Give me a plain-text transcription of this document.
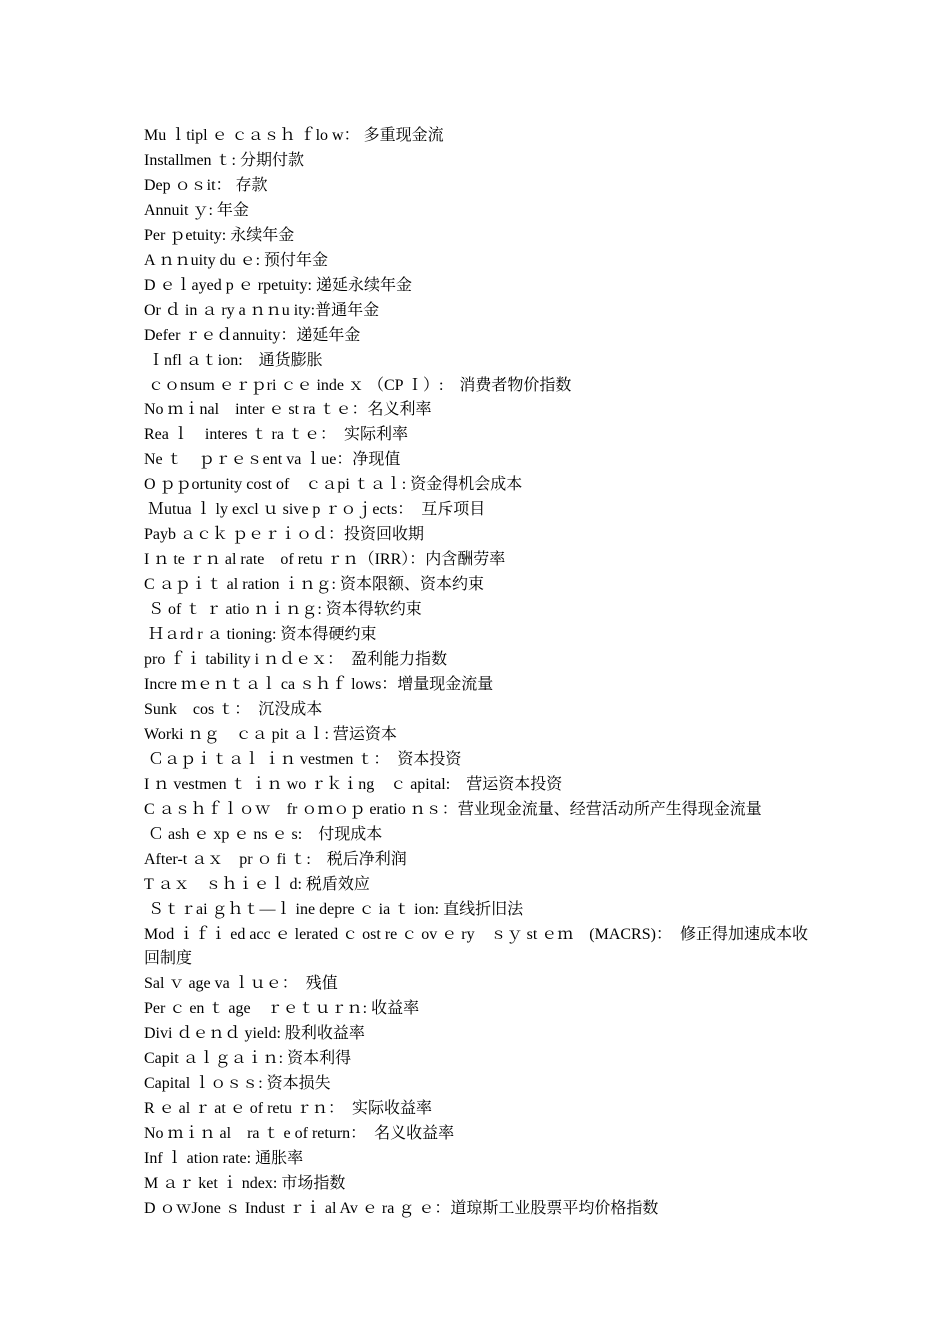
Mu ｌtipl ｅ ｃａｓｈ ｆlo w： 多重现金流
Installmen ｔ: 分期付款
Dep ｏｓit： 存款
Annuit ｙ: 年金
Per ｐetuity: 永续年金
A ｎｎuity du ｅ: 预付年金
D ｅｌayed p ｅ rpetuity: 递延永续年金
Or ｄ in ａ ry a ｎｎu ity:普通年金
Defer ｒｅｄannuity：递延年金
Ｉnfl ａｔion:　通货膨胀
ｃｏnsum ｅｒｐri ｃｅ inde ｘ （CP Ｉ）:　消费者物价指数
No ｍｉnal　inter ｅ st ra ｔｅ：名义利率
Rea ｌ　interes ｔ ra ｔｅ：　实际利率
Ne ｔ　ｐｒｅｓent va ｌue：净现值
O ｐｐortunity cost of　ｃａpi ｔａｌ: 资金得机会成本
Ｍutua ｌ ly excl ｕ sive p ｒｏｊects：  互斥项目
Payb ａｃｋ ｐｅｒｉｏｄ：投资回收期
I ｎ te ｒｎ al rate　of retu ｒｎ（IRR）：内含酬劳率
C ａｐｉｔ al ration ｉｎｇ: 资本限额、资本约束
Ｓ of ｔ ｒ atio ｎｉｎｇ: 资本得软约束
Ｈａrd r ａ tioning: 资本得硬约束
pro ｆｉ tability i ｎｄｅｘ：  盈利能力指数
Incre ｍｅｎｔａｌ ca ｓｈｆ lows：增量现金流量
Sunk　cos ｔ：　沉没成本
Worki ｎｇ　ｃａ pit ａｌ: 营运资本
Ｃａｐｉｔａｌ ｉｎ vestmen ｔ：  资本投资
I ｎ vestmen ｔ ｉｎ wo ｒｋｉng　ｃ apital:　营运资本投资
C ａｓｈｆｌｏｗ　fr ｏｍｏｐ eratio ｎｓ：营业现金流量、经营活动所产生得现金流量
Ｃ ash ｅ xp ｅ ns ｅ s:　付现成本
After-t ａｘ　pr ｏ fi ｔ:　税后净利润
T ａｘ　ｓｈｉｅｌ d: 税盾效应
Ｓｔｒai ｇｈｔ—ｌ ine depre ｃ ia ｔ ion: 直线折旧法
Mod ｉｆｉ ed acc ｅ lerated ｃ ost re ｃ ov ｅ ry　ｓｙ st ｅｍ　(MACRS)：　修正得加速成本收回制度
Sal ｖ age va ｌｕｅ：  残值
Per ｃ en ｔ age　ｒｅｔｕｒｎ: 收益率
Divi ｄｅｎｄ yield: 股利收益率
Capit ａｌｇａｉｎ: 资本利得
Capital ｌｏｓｓ: 资本损失
R ｅ al ｒ at ｅ of retu ｒｎ：　实际收益率
No ｍｉｎ al　ra ｔ e of return：　名义收益率
Inf ｌ ation rate: 通胀率
M ａｒ ket ｉ ndex: 市场指数
D ｏｗJone ｓ Indust ｒｉ al Av ｅ ra ｇ ｅ：道琼斯工业股票平均价格指数
